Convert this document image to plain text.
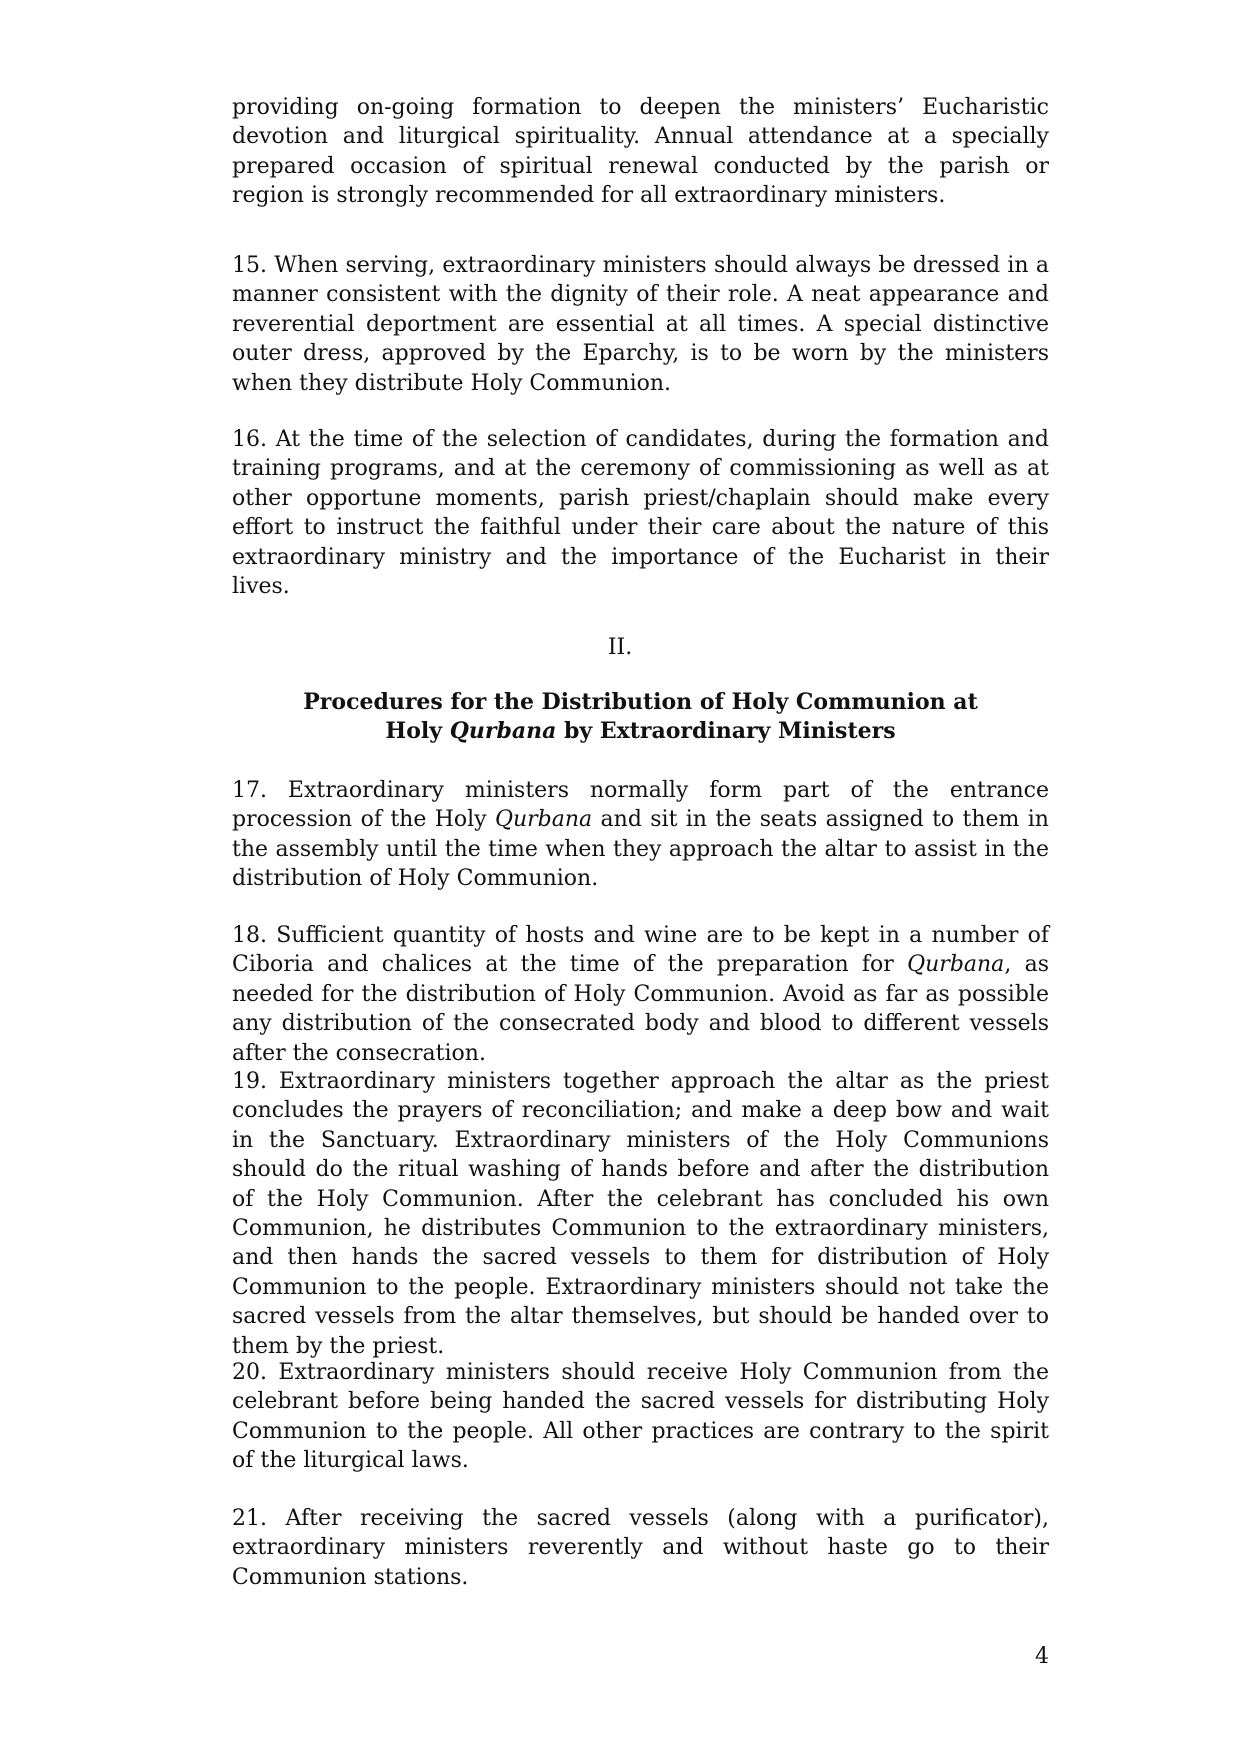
providing on-going formation to deepen the ministers’ Eucharistic devotion and liturgical spirituality. Annual attendance at a specially prepared occasion of spiritual renewal conducted by the parish or region is strongly recommended for all extraordinary ministers.

15. When serving, extraordinary ministers should always be dressed in a manner consistent with the dignity of their role. A neat appearance and reverential deportment are essential at all times. A special distinctive outer dress, approved by the Eparchy, is to be worn by the ministers when they distribute Holy Communion.

16. At the time of the selection of candidates, during the formation and training programs, and at the ceremony of commissioning as well as at other opportune moments, parish priest/chaplain should make every effort to instruct the faithful under their care about the nature of this extraordinary ministry and the importance of the Eucharist in their lives.

II.

Procedures for the Distribution of Holy Communion at
Holy Qurbana by Extraordinary Ministers

17. Extraordinary ministers normally form part of the entrance procession of the Holy Qurbana and sit in the seats assigned to them in the assembly until the time when they approach the altar to assist in the distribution of Holy Communion.

18. Sufficient quantity of hosts and wine are to be kept in a number of Ciboria and chalices at the time of the preparation for Qurbana, as needed for the distribution of Holy Communion. Avoid as far as possible any distribution of the consecrated body and blood to different vessels after the consecration.

19. Extraordinary ministers together approach the altar as the priest concludes the prayers of reconciliation; and make a deep bow and wait in the Sanctuary. Extraordinary ministers of the Holy Communions should do the ritual washing of hands before and after the distribution of the Holy Communion. After the celebrant has concluded his own Communion, he distributes Communion to the extraordinary ministers, and then hands the sacred vessels to them for distribution of Holy Communion to the people. Extraordinary ministers should not take the sacred vessels from the altar themselves, but should be handed over to them by the priest.

20. Extraordinary ministers should receive Holy Communion from the celebrant before being handed the sacred vessels for distributing Holy Communion to the people. All other practices are contrary to the spirit of the liturgical laws.

21. After receiving the sacred vessels (along with a purificator), extraordinary ministers reverently and without haste go to their Communion stations.

4
